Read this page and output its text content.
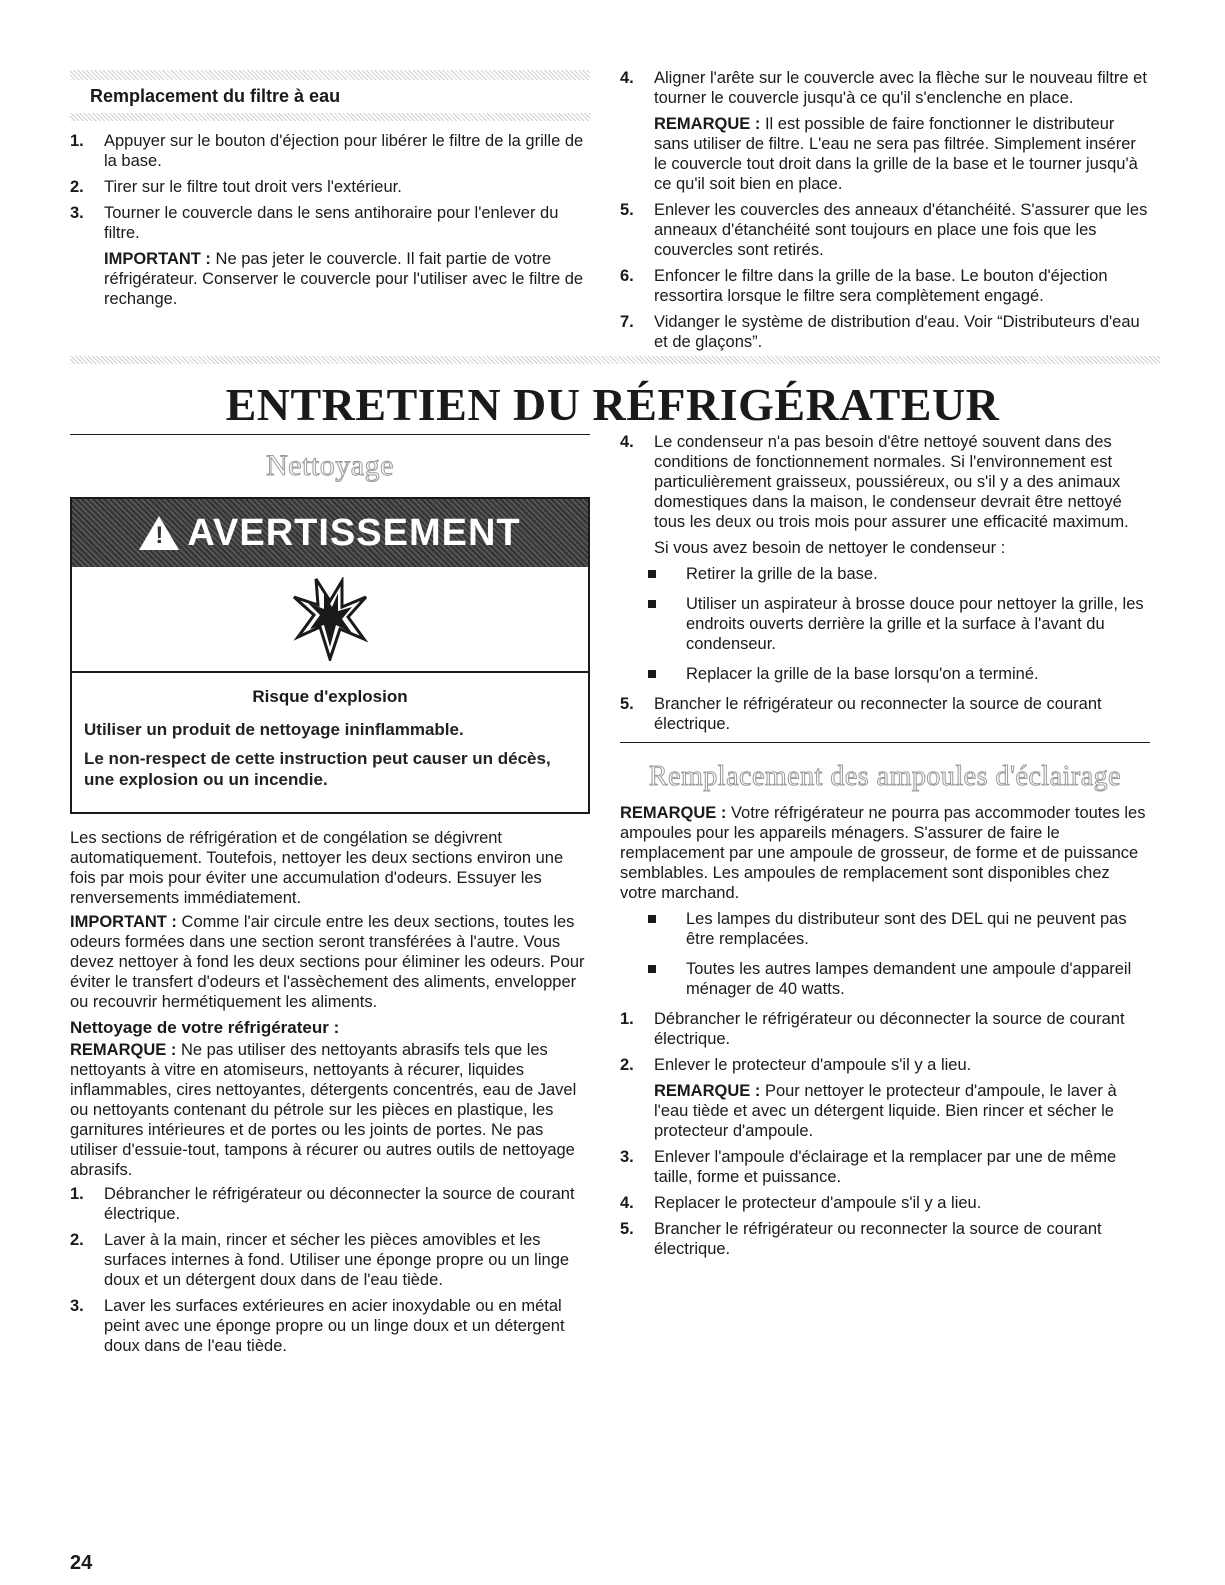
Remplacement du filtre à eau
1. Appuyer sur le bouton d'éjection pour libérer le filtre de la grille de la base.
2. Tirer sur le filtre tout droit vers l'extérieur.
3. Tourner le couvercle dans le sens antihoraire pour l'enlever du filtre.
IMPORTANT : Ne pas jeter le couvercle. Il fait partie de votre réfrigérateur. Conserver le couvercle pour l'utiliser avec le filtre de rechange.
4. Aligner l'arête sur le couvercle avec la flèche sur le nouveau filtre et tourner le couvercle jusqu'à ce qu'il s'enclenche en place.
REMARQUE : Il est possible de faire fonctionner le distributeur sans utiliser de filtre. L'eau ne sera pas filtrée. Simplement insérer le couvercle tout droit dans la grille de la base et le tourner jusqu'à ce qu'il soit bien en place.
5. Enlever les couvercles des anneaux d'étanchéité. S'assurer que les anneaux d'étanchéité sont toujours en place une fois que les couvercles sont retirés.
6. Enfoncer le filtre dans la grille de la base. Le bouton d'éjection ressortira lorsque le filtre sera complètement engagé.
7. Vidanger le système de distribution d'eau. Voir “Distributeurs d'eau et de glaçons”.
ENTRETIEN DU RÉFRIGÉRATEUR
Nettoyage
! AVERTISSEMENT
Risque d'explosion

Utiliser un produit de nettoyage ininflammable.

Le non-respect de cette instruction peut causer un décès, une explosion ou un incendie.

Les sections de réfrigération et de congélation se dégivrent automatiquement. Toutefois, nettoyer les deux sections environ une fois par mois pour éviter une accumulation d'odeurs. Essuyer les renversements immédiatement.

IMPORTANT : Comme l'air circule entre les deux sections, toutes les odeurs formées dans une section seront transférées à l'autre. Vous devez nettoyer à fond les deux sections pour éliminer les odeurs. Pour éviter le transfert d'odeurs et l'assèchement des aliments, envelopper ou recouvrir hermétiquement les aliments.

Nettoyage de votre réfrigérateur :

REMARQUE : Ne pas utiliser des nettoyants abrasifs tels que les nettoyants à vitre en atomiseurs, nettoyants à récurer, liquides inflammables, cires nettoyantes, détergents concentrés, eau de Javel ou nettoyants contenant du pétrole sur les pièces en plastique, les garnitures intérieures et de portes ou les joints de portes. Ne pas utiliser d'essuie-tout, tampons à récurer ou autres outils de nettoyage abrasifs.

1. Débrancher le réfrigérateur ou déconnecter la source de courant électrique.
2. Laver à la main, rincer et sécher les pièces amovibles et les surfaces internes à fond. Utiliser une éponge propre ou un linge doux et un détergent doux dans de l'eau tiède.
3. Laver les surfaces extérieures en acier inoxydable ou en métal peint avec une éponge propre ou un linge doux et un détergent doux dans de l'eau tiède.
4. Le condenseur n'a pas besoin d'être nettoyé souvent dans des conditions de fonctionnement normales. Si l'environnement est particulièrement graisseux, poussiéreux, ou s'il y a des animaux domestiques dans la maison, le condenseur devrait être nettoyé tous les deux ou trois mois pour assurer une efficacité maximum.
Si vous avez besoin de nettoyer le condenseur :
Retirer la grille de la base.
Utiliser un aspirateur à brosse douce pour nettoyer la grille, les endroits ouverts derrière la grille et la surface à l'avant du condenseur.
Replacer la grille de la base lorsqu'on a terminé.
5. Brancher le réfrigérateur ou reconnecter la source de courant électrique.
Remplacement des ampoules d'éclairage

REMARQUE : Votre réfrigérateur ne pourra pas accommoder toutes les ampoules pour les appareils ménagers. S'assurer de faire le remplacement par une ampoule de grosseur, de forme et de puissance semblables. Les ampoules de remplacement sont disponibles chez votre marchand.

Les lampes du distributeur sont des DEL qui ne peuvent pas être remplacées.
Toutes les autres lampes demandent une ampoule d'appareil ménager de 40 watts.
1. Débrancher le réfrigérateur ou déconnecter la source de courant électrique.
2. Enlever le protecteur d'ampoule s'il y a lieu.
REMARQUE : Pour nettoyer le protecteur d'ampoule, le laver à l'eau tiède et avec un détergent liquide. Bien rincer et sécher le protecteur d'ampoule.
3. Enlever l'ampoule d'éclairage et la remplacer par une de même taille, forme et puissance.
4. Replacer le protecteur d'ampoule s'il y a lieu.
5. Brancher le réfrigérateur ou reconnecter la source de courant électrique.
24
